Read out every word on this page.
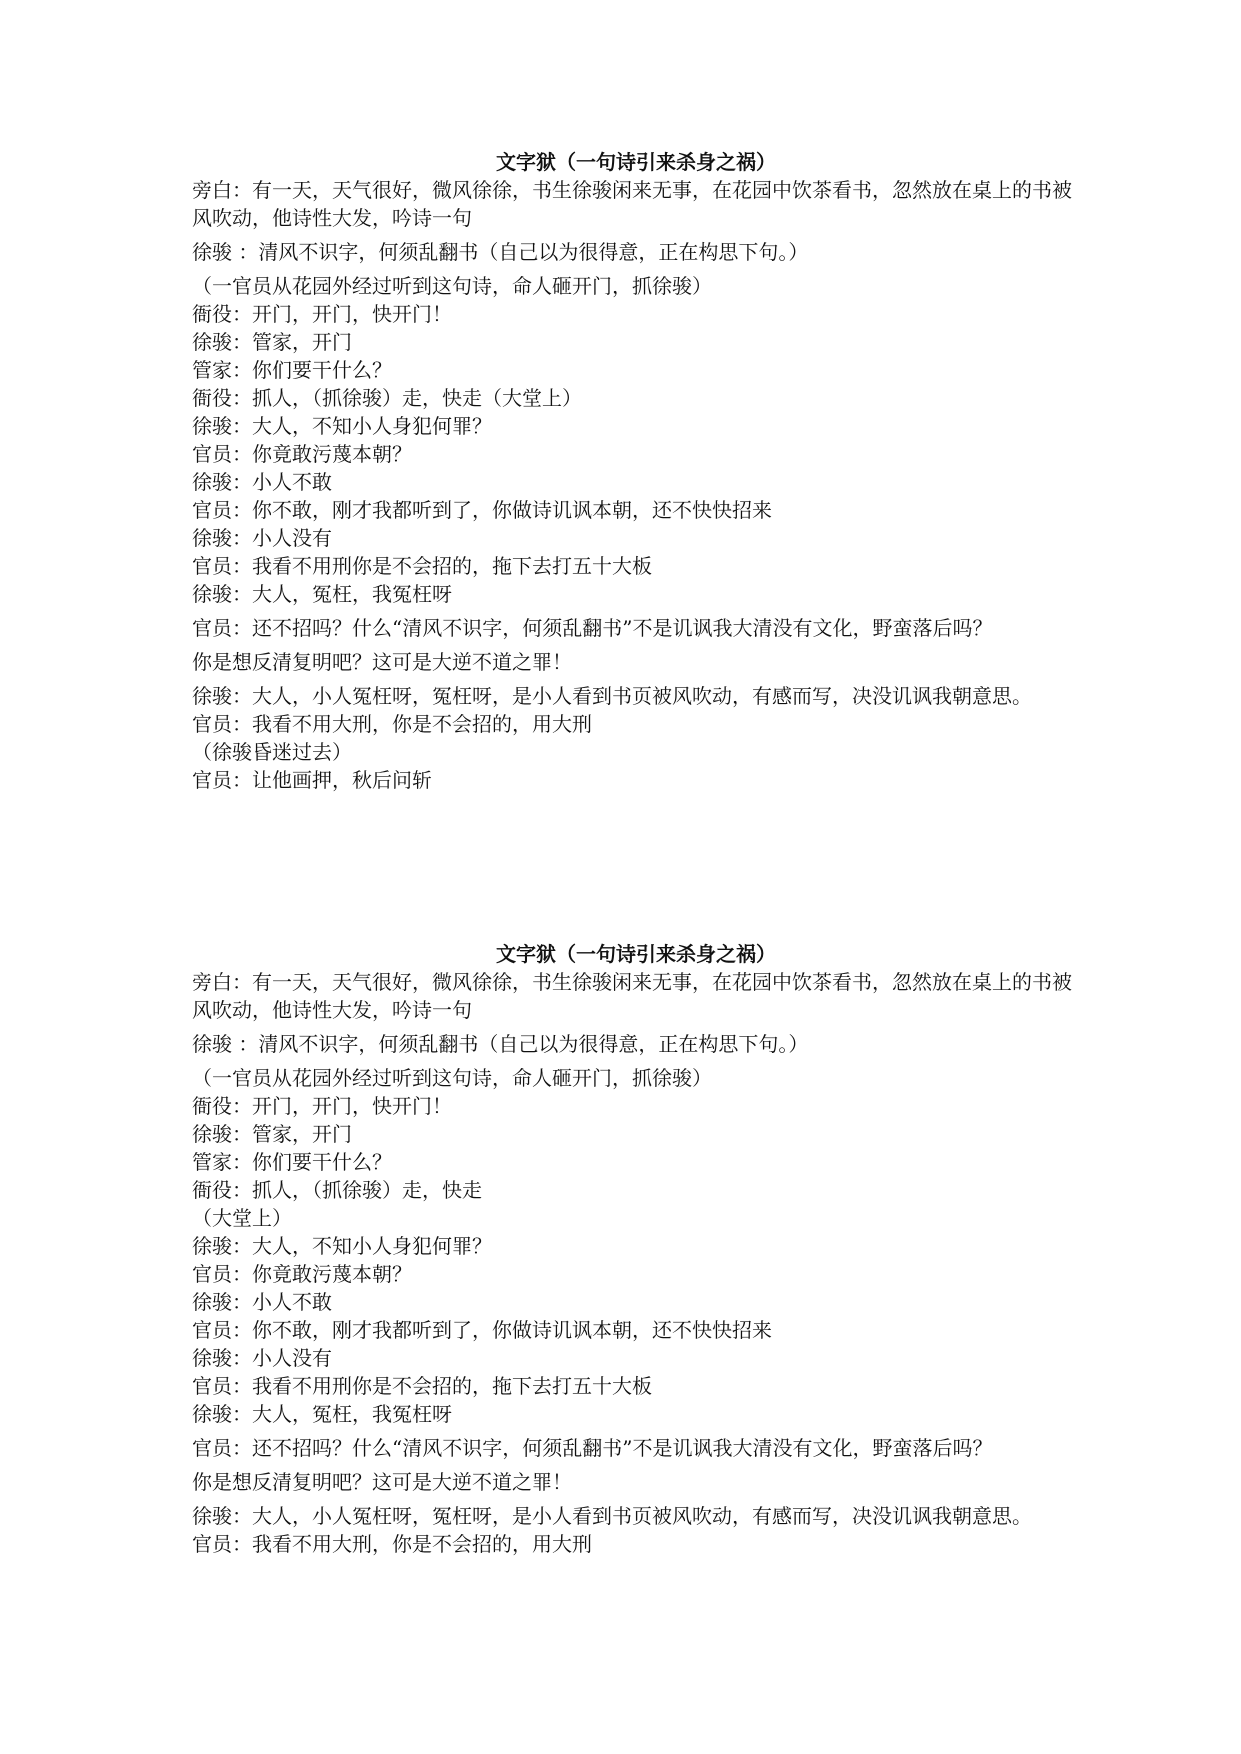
文字狱（一句诗引来杀身之祸）

旁白：有一天，天气很好，微风徐徐，书生徐骏闲来无事，在花园中饮茶看书，忽然放在桌上的书被风吹动，他诗性大发，吟诗一句

徐骏 ：清风不识字，何须乱翻书（自己以为很得意，正在构思下句。）

（一官员从花园外经过听到这句诗，命人砸开门，抓徐骏）

衙役：开门，开门，快开门！

徐骏：管家，开门

管家：你们要干什么？

衙役：抓人，（抓徐骏）走，快走（大堂上）

徐骏：大人，不知小人身犯何罪？

官员：你竟敢污蔑本朝？

徐骏：小人不敢

官员：你不敢，刚才我都听到了，你做诗讥讽本朝，还不快快招来

徐骏：小人没有

官员：我看不用刑你是不会招的，拖下去打五十大板

徐骏：大人，冤枉，我冤枉呀

官员：还不招吗？什么“清风不识字，何须乱翻书”不是讥讽我大清没有文化，野蛮落后吗？

你是想反清复明吧？这可是大逆不道之罪！

徐骏：大人，小人冤枉呀，冤枉呀，是小人看到书页被风吹动，有感而写，决没讥讽我朝意思。

官员：我看不用大刑，你是不会招的，用大刑

（徐骏昏迷过去）

官员：让他画押，秋后问斩

文字狱（一句诗引来杀身之祸）

旁白：有一天，天气很好，微风徐徐，书生徐骏闲来无事，在花园中饮茶看书，忽然放在桌上的书被风吹动，他诗性大发，吟诗一句

徐骏 ：清风不识字，何须乱翻书（自己以为很得意，正在构思下句。）

（一官员从花园外经过听到这句诗，命人砸开门，抓徐骏）

衙役：开门，开门，快开门！

徐骏：管家，开门

管家：你们要干什么？

衙役：抓人，（抓徐骏）走，快走

（大堂上）

徐骏：大人，不知小人身犯何罪？

官员：你竟敢污蔑本朝？

徐骏：小人不敢

官员：你不敢，刚才我都听到了，你做诗讥讽本朝，还不快快招来

徐骏：小人没有

官员：我看不用刑你是不会招的，拖下去打五十大板

徐骏：大人，冤枉，我冤枉呀

官员：还不招吗？什么“清风不识字，何须乱翻书”不是讥讽我大清没有文化，野蛮落后吗？

你是想反清复明吧？这可是大逆不道之罪！

徐骏：大人，小人冤枉呀，冤枉呀，是小人看到书页被风吹动，有感而写，决没讥讽我朝意思。

官员：我看不用大刑，你是不会招的，用大刑
